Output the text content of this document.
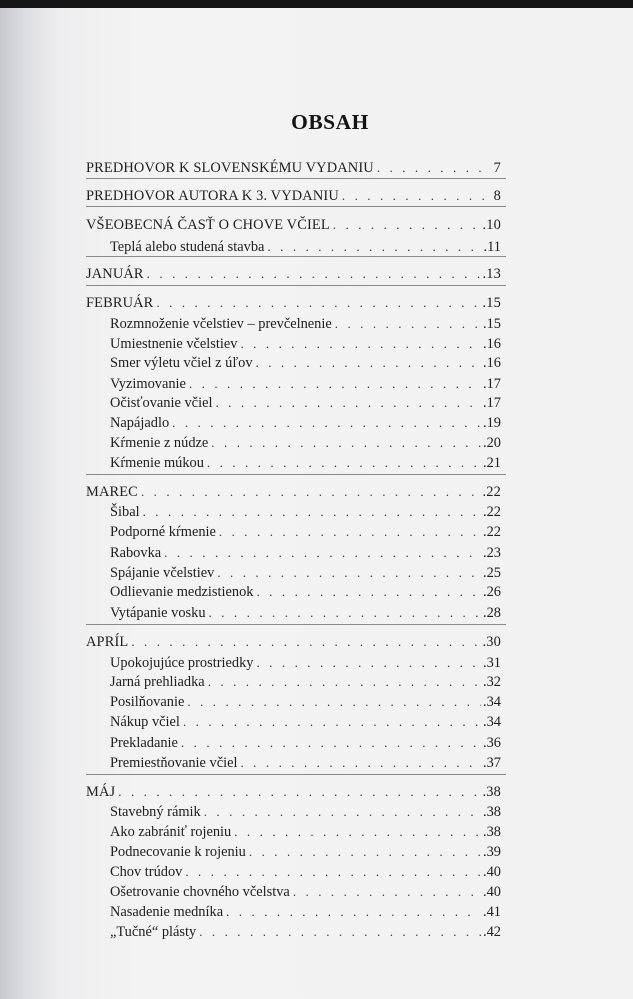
OBSAH
PREDHOVOR K SLOVENSKÉMU VYDANIU . . .	7
PREDHOVOR AUTORA K 3. VYDANIU . . .	8
VŠEOBECNÁ ČASŤ O CHOVE VČIEL . . .	.10
Teplá alebo studená stavba . . .	.11
JANUÁR . . .	.13
FEBRUÁR . . .	.15
Rozmnoženie včelstiev – prevčelnenie . . .	.15
Umiestnenie včelstiev . . .	.16
Smer výletu včiel z úľov . . .	.16
Vyzimovanie . . .	.17
Očisťovanie včiel . . .	.17
Napájadlo . . .	.19
Kŕmenie z núdze . . .	.20
Kŕmenie múkou . . .	.21
MAREC . . .	.22
Šibal . . .	.22
Podporné kŕmenie . . .	.22
Rabovka . . .	.23
Spájanie včelstiev . . .	.25
Odlievanie medzistienok . . .	.26
Vytápanie vosku . . .	.28
APRÍL . . .	.30
Upokojujúce prostriedky . . .	.31
Jarná prehliadka . . .	.32
Posilňovanie . . .	.34
Nákup včiel . . .	.34
Prekladanie . . .	.36
Premiestňovanie včiel . . .	.37
MÁJ . . .	.38
Stavebný rámik . . .	.38
Ako zabrániť rojeniu . . .	.38
Podnecovanie k rojeniu . . .	.39
Chov trúdov . . .	.40
Ošetrovanie chovného včelstva . . .	.40
Nasadenie medníka . . .	.41
„Tučné“ plásty . . .	.42
